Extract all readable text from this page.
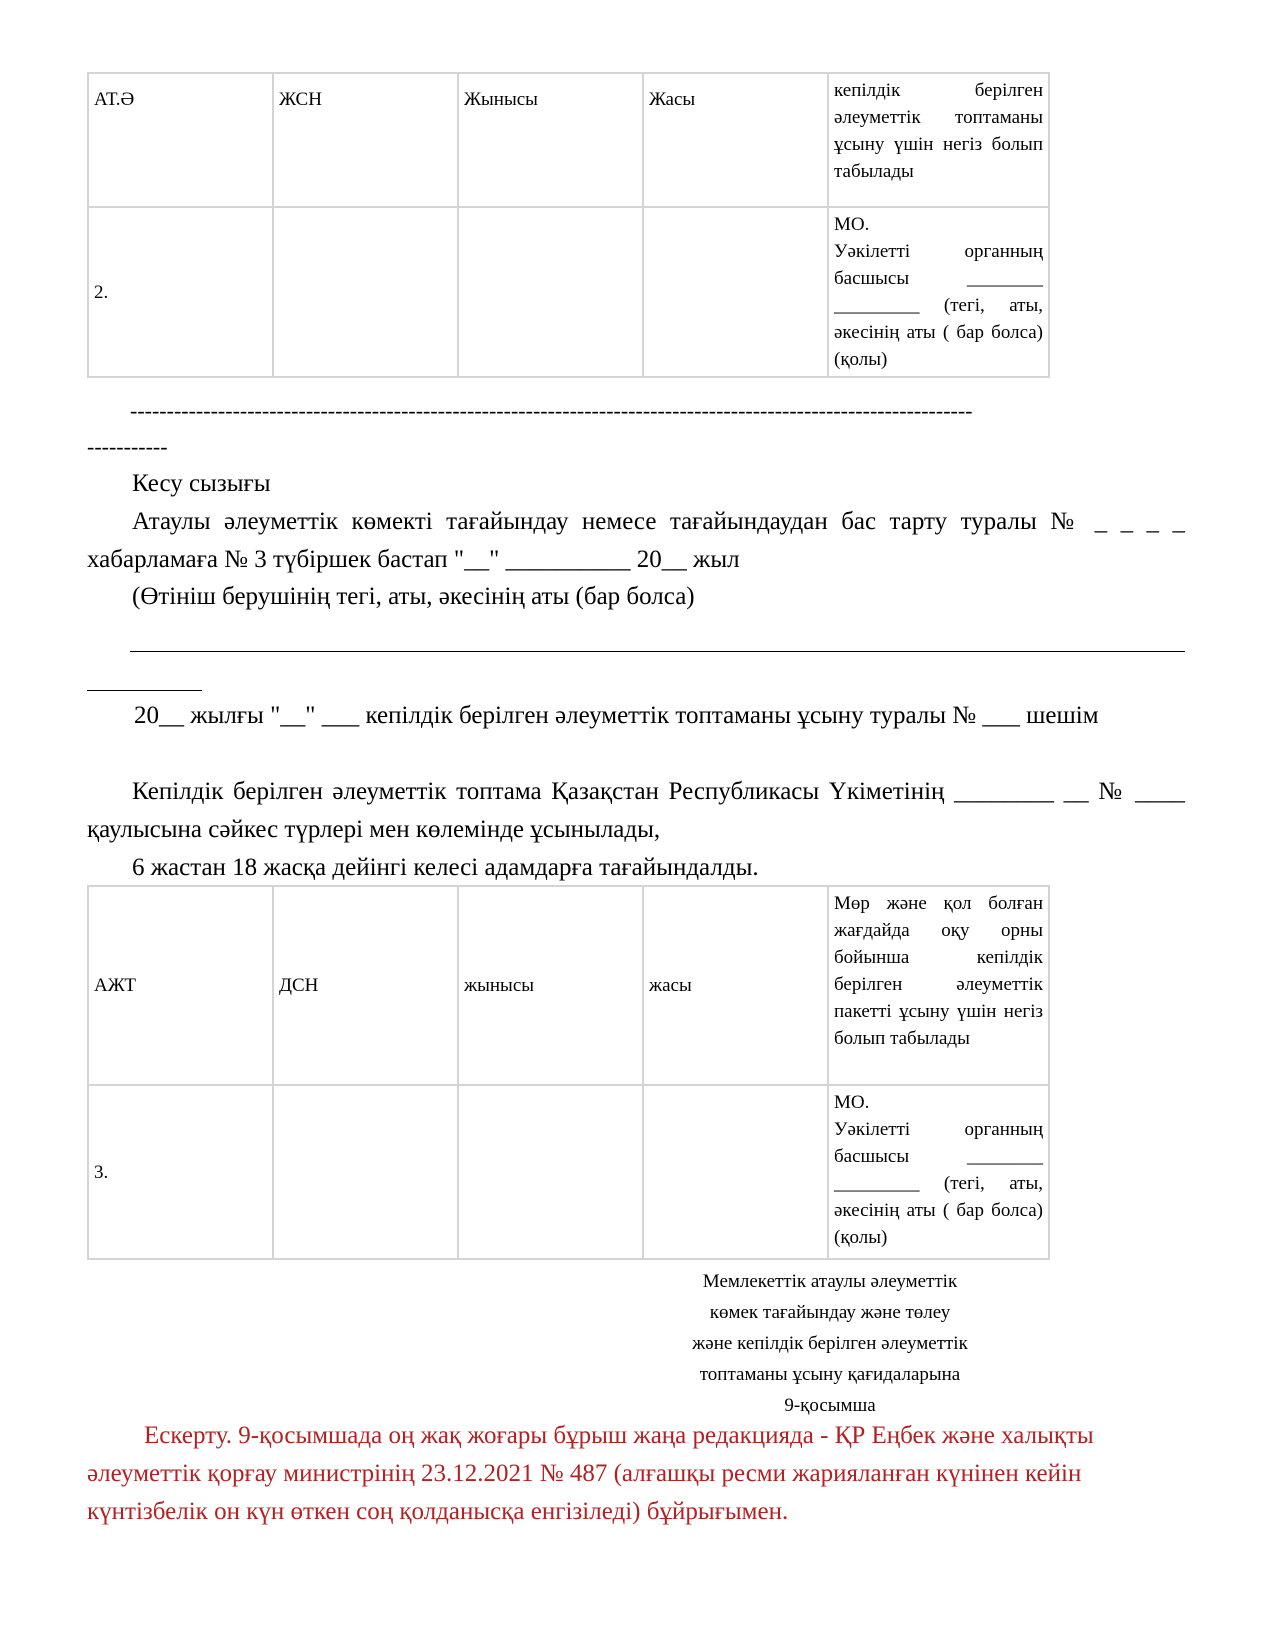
АТ.Ә	ЖСН	Жынысы	Жасы	кепілдік берілген әлеуметтік топтаманы ұсыну үшін негіз болып табылады
2.				МО.
Уәкілетті органның басшысы ________ _________ (тегі, аты, әкесінің аты ( бар болса) (қолы)
-------------------------------------------------------------------------------------------------------------------
-----------
Кесу сызығы
Атаулы әлеуметтік көмекті тағайындау немесе тағайындаудан бас тарту туралы № _ _ _ _ хабарламаға № 3 түбіршек бастап "__" __________ 20__ жыл
(Өтініш берушінің тегі, аты, әкесінің аты (бар болса)
20__ жылғы "__" ___ кепілдік берілген әлеуметтік топтаманы ұсыну туралы № ___ шешім
Кепілдік берілген әлеуметтік топтама Қазақстан Республикасы Үкіметінің ________ __ № ____ қаулысына сәйкес түрлері мен көлемінде ұсынылады,
6 жастан 18 жасқа дейінгі келесі адамдарға тағайындалды.
АЖТ	ДСН	жынысы	жасы	Мөр және қол болған жағдайда оқу орны бойынша кепілдік берілген әлеуметтік пакетті ұсыну үшін негіз болып табылады
3.				МО.
Уәкілетті органның басшысы ________ _________ (тегі, аты, әкесінің аты ( бар болса) (қолы)
Мемлекеттік атаулы әлеуметтік
көмек тағайындау және төлеу
және кепілдік берілген әлеуметтік
топтаманы ұсыну қағидаларына
9-қосымша
Ескерту. 9-қосымшада оң жақ жоғары бұрыш жаңа редакцияда - ҚР Еңбек және халықты әлеуметтік қорғау министрінің 23.12.2021 № 487 (алғашқы ресми жарияланған күнінен кейін күнтізбелік он күн өткен соң қолданысқа енгізіледі) бұйрығымен.
